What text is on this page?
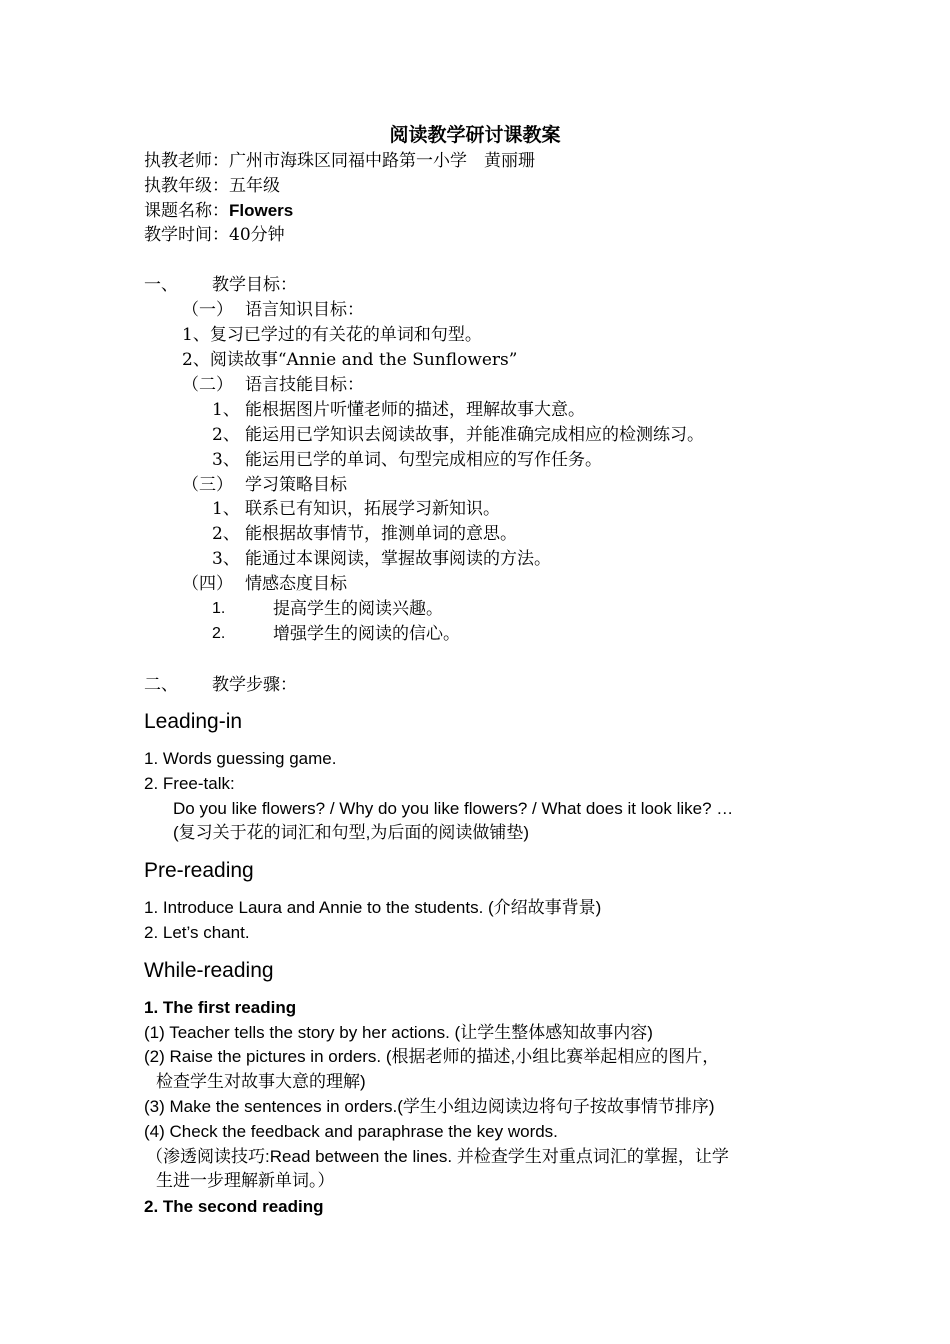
阅读教学研讨课教案
执教老师：广州市海珠区同福中路第一小学　黄丽珊
执教年级：五年级
课题名称：Flowers
教学时间：40分钟
一、 教学目标：
（一） 语言知识目标：
1、复习已学过的有关花的单词和句型。
2、阅读故事“Annie and the Sunflowers”
（二） 语言技能目标：
1、 能根据图片听懂老师的描述，理解故事大意。
2、 能运用已学知识去阅读故事，并能准确完成相应的检测练习。
3、 能运用已学的单词、句型完成相应的写作任务。
（三） 学习策略目标
1、 联系已有知识，拓展学习新知识。
2、 能根据故事情节，推测单词的意思。
3、 能通过本课阅读，掌握故事阅读的方法。
（四） 情感态度目标
1.	提高学生的阅读兴趣。
2.	增强学生的阅读的信心。
二、 教学步骤：
Leading-in
1. Words guessing game.
2. Free-talk:
Do you like flowers? / Why do you like flowers? / What does it look like? …
(复习关于花的词汇和句型,为后面的阅读做铺垫)
Pre-reading
1. Introduce Laura and Annie to the students. (介绍故事背景)
2. Let’s chant.
While-reading
1. The first reading
(1) Teacher tells the story by her actions. (让学生整体感知故事内容)
(2) Raise the pictures in orders. (根据老师的描述,小组比赛举起相应的图片，
检查学生对故事大意的理解)
(3) Make the sentences in orders.(学生小组边阅读边将句子按故事情节排序)
(4) Check the feedback and paraphrase the key words.
（渗透阅读技巧:Read between the lines. 并检查学生对重点词汇的掌握，让学
生进一步理解新单词。）
2. The second reading
